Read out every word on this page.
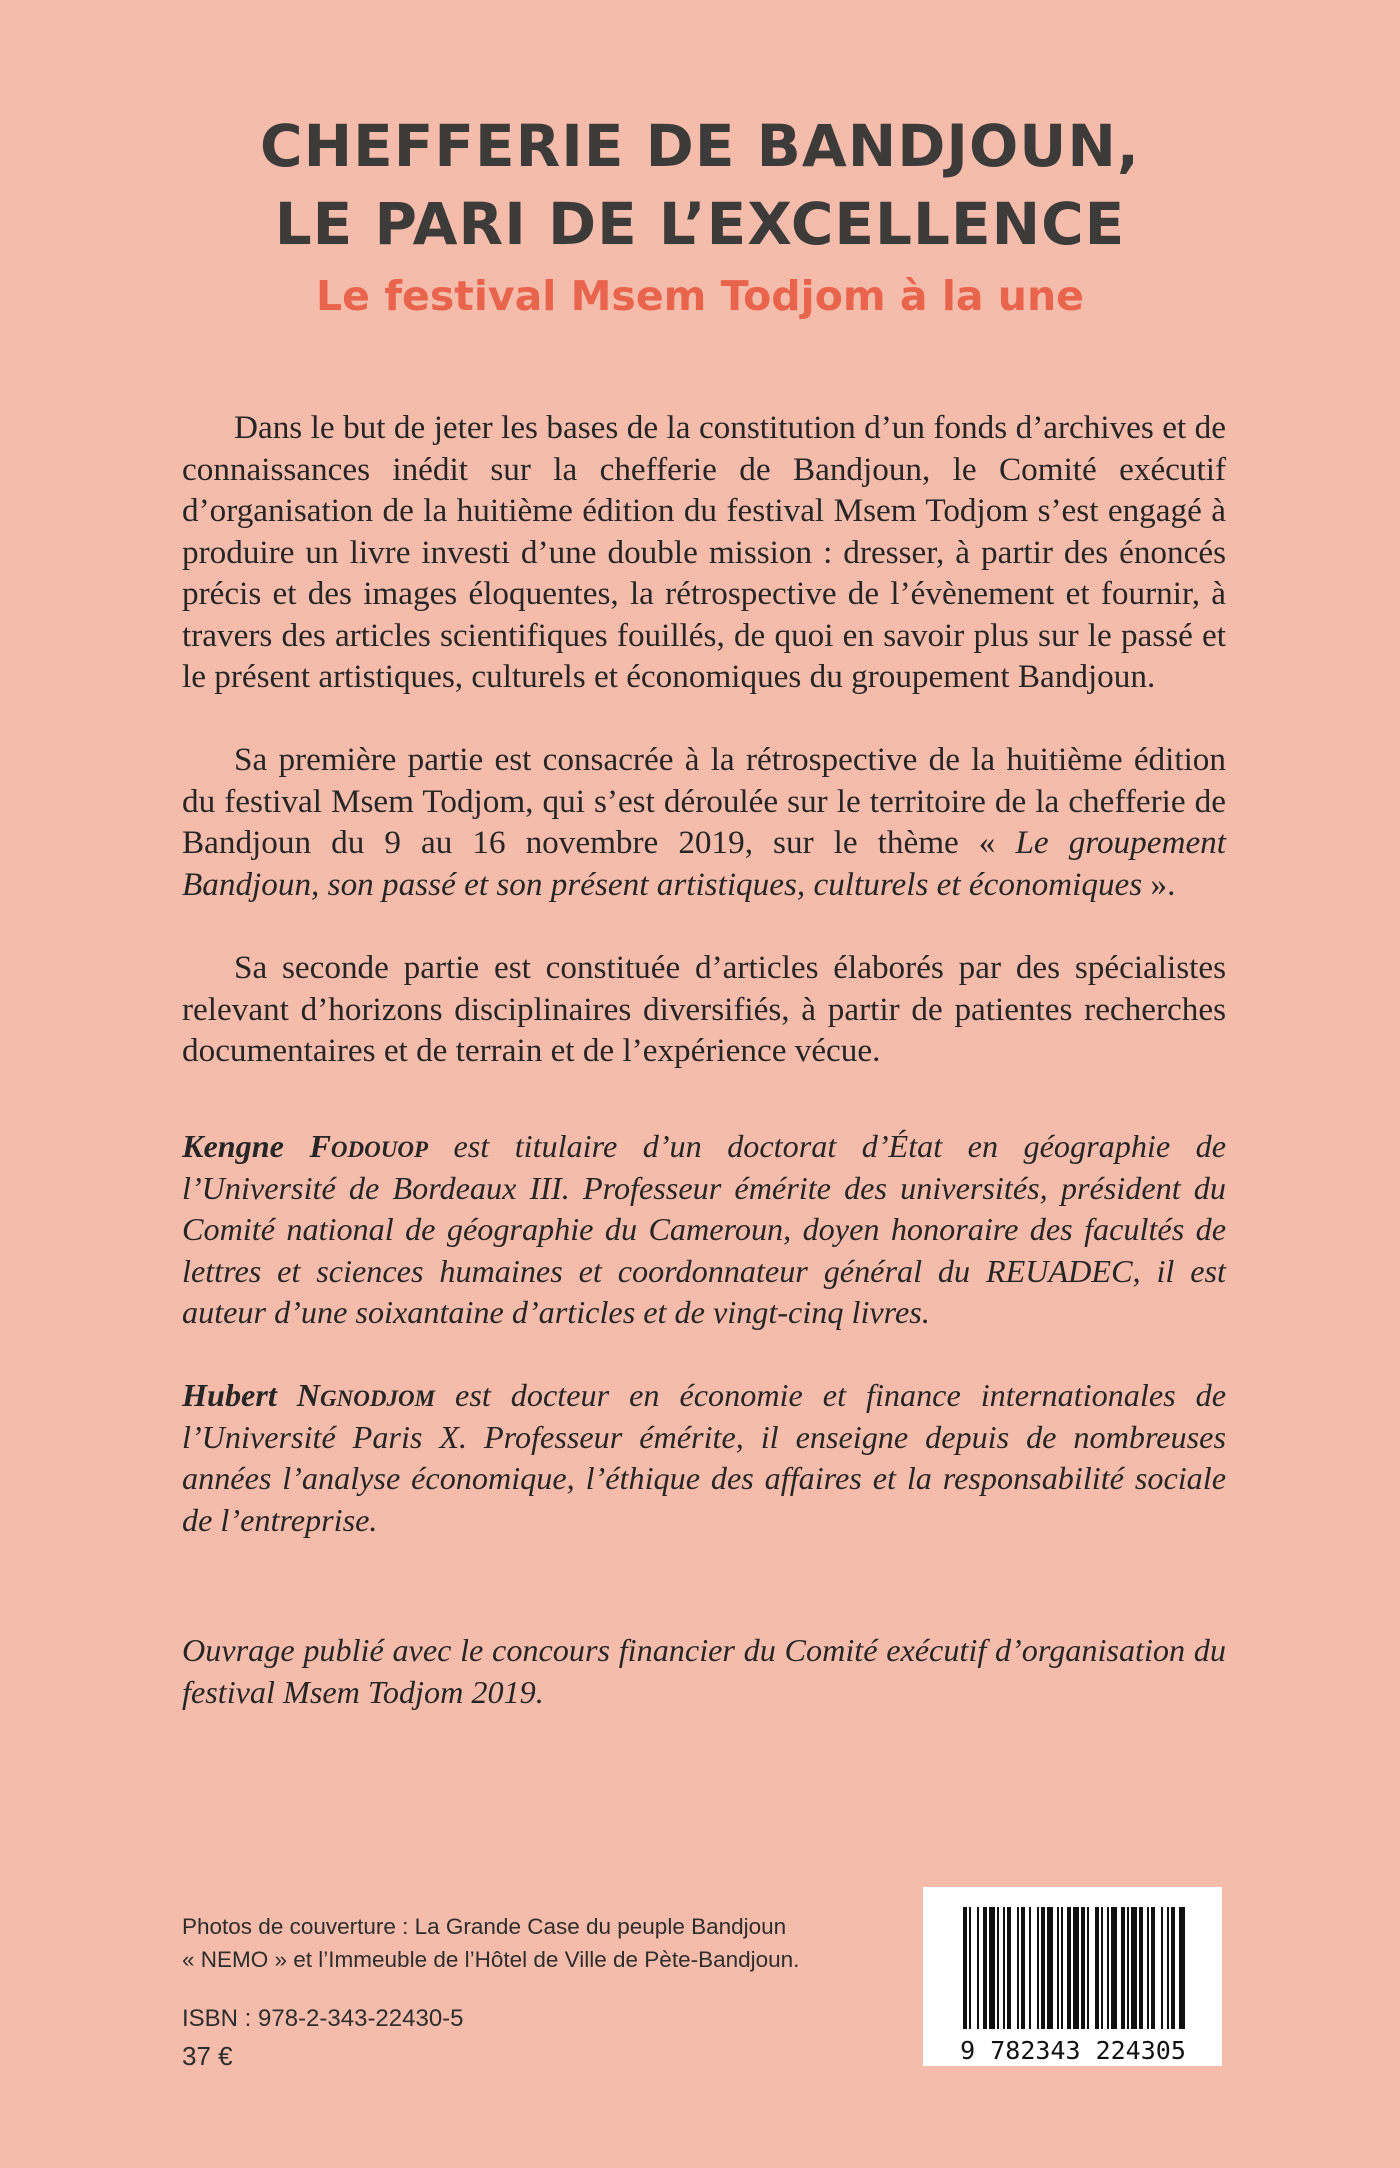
CHEFFERIE DE BANDJOUN,
LE PARI DE L’EXCELLENCE
Le festival Msem Todjom à la une

Dans le but de jeter les bases de la constitution d’un fonds d’archives et de connaissances inédit sur la chefferie de Bandjoun, le Comité exécutif d’organisation de la huitième édition du festival Msem Todjom s’est engagé à produire un livre investi d’une double mission : dresser, à partir des énoncés précis et des images éloquentes, la rétrospective de l’évènement et fournir, à travers des articles scientifiques fouillés, de quoi en savoir plus sur le passé et le présent artistiques, culturels et économiques du groupement Bandjoun.

Sa première partie est consacrée à la rétrospective de la huitième édition du festival Msem Todjom, qui s’est déroulée sur le territoire de la chefferie de Bandjoun du 9 au 16 novembre 2019, sur le thème « Le groupement Bandjoun, son passé et son présent artistiques, culturels et économiques ».

Sa seconde partie est constituée d’articles élaborés par des spécialistes relevant d’horizons disciplinaires diversifiés, à partir de patientes recherches documentaires et de terrain et de l’expérience vécue.

Kengne Fodouop est titulaire d’un doctorat d’État en géographie de l’Université de Bordeaux III. Professeur émérite des universités, président du Comité national de géographie du Cameroun, doyen honoraire des facultés de lettres et sciences humaines et coordonnateur général du REUADEC, il est auteur d’une soixantaine d’articles et de vingt-cinq livres.

Hubert Ngnodjom est docteur en économie et finance internationales de l’Université Paris X. Professeur émérite, il enseigne depuis de nombreuses années l’analyse économique, l’éthique des affaires et la responsabilité sociale de l’entreprise.

Ouvrage publié avec le concours financier du Comité exécutif d’organisation du festival Msem Todjom 2019.

Photos de couverture : La Grande Case du peuple Bandjoun
« NEMO » et l’Immeuble de l’Hôtel de Ville de Pète-Bandjoun.
ISBN : 978-2-343-22430-5
37 €	9 782343 224305
